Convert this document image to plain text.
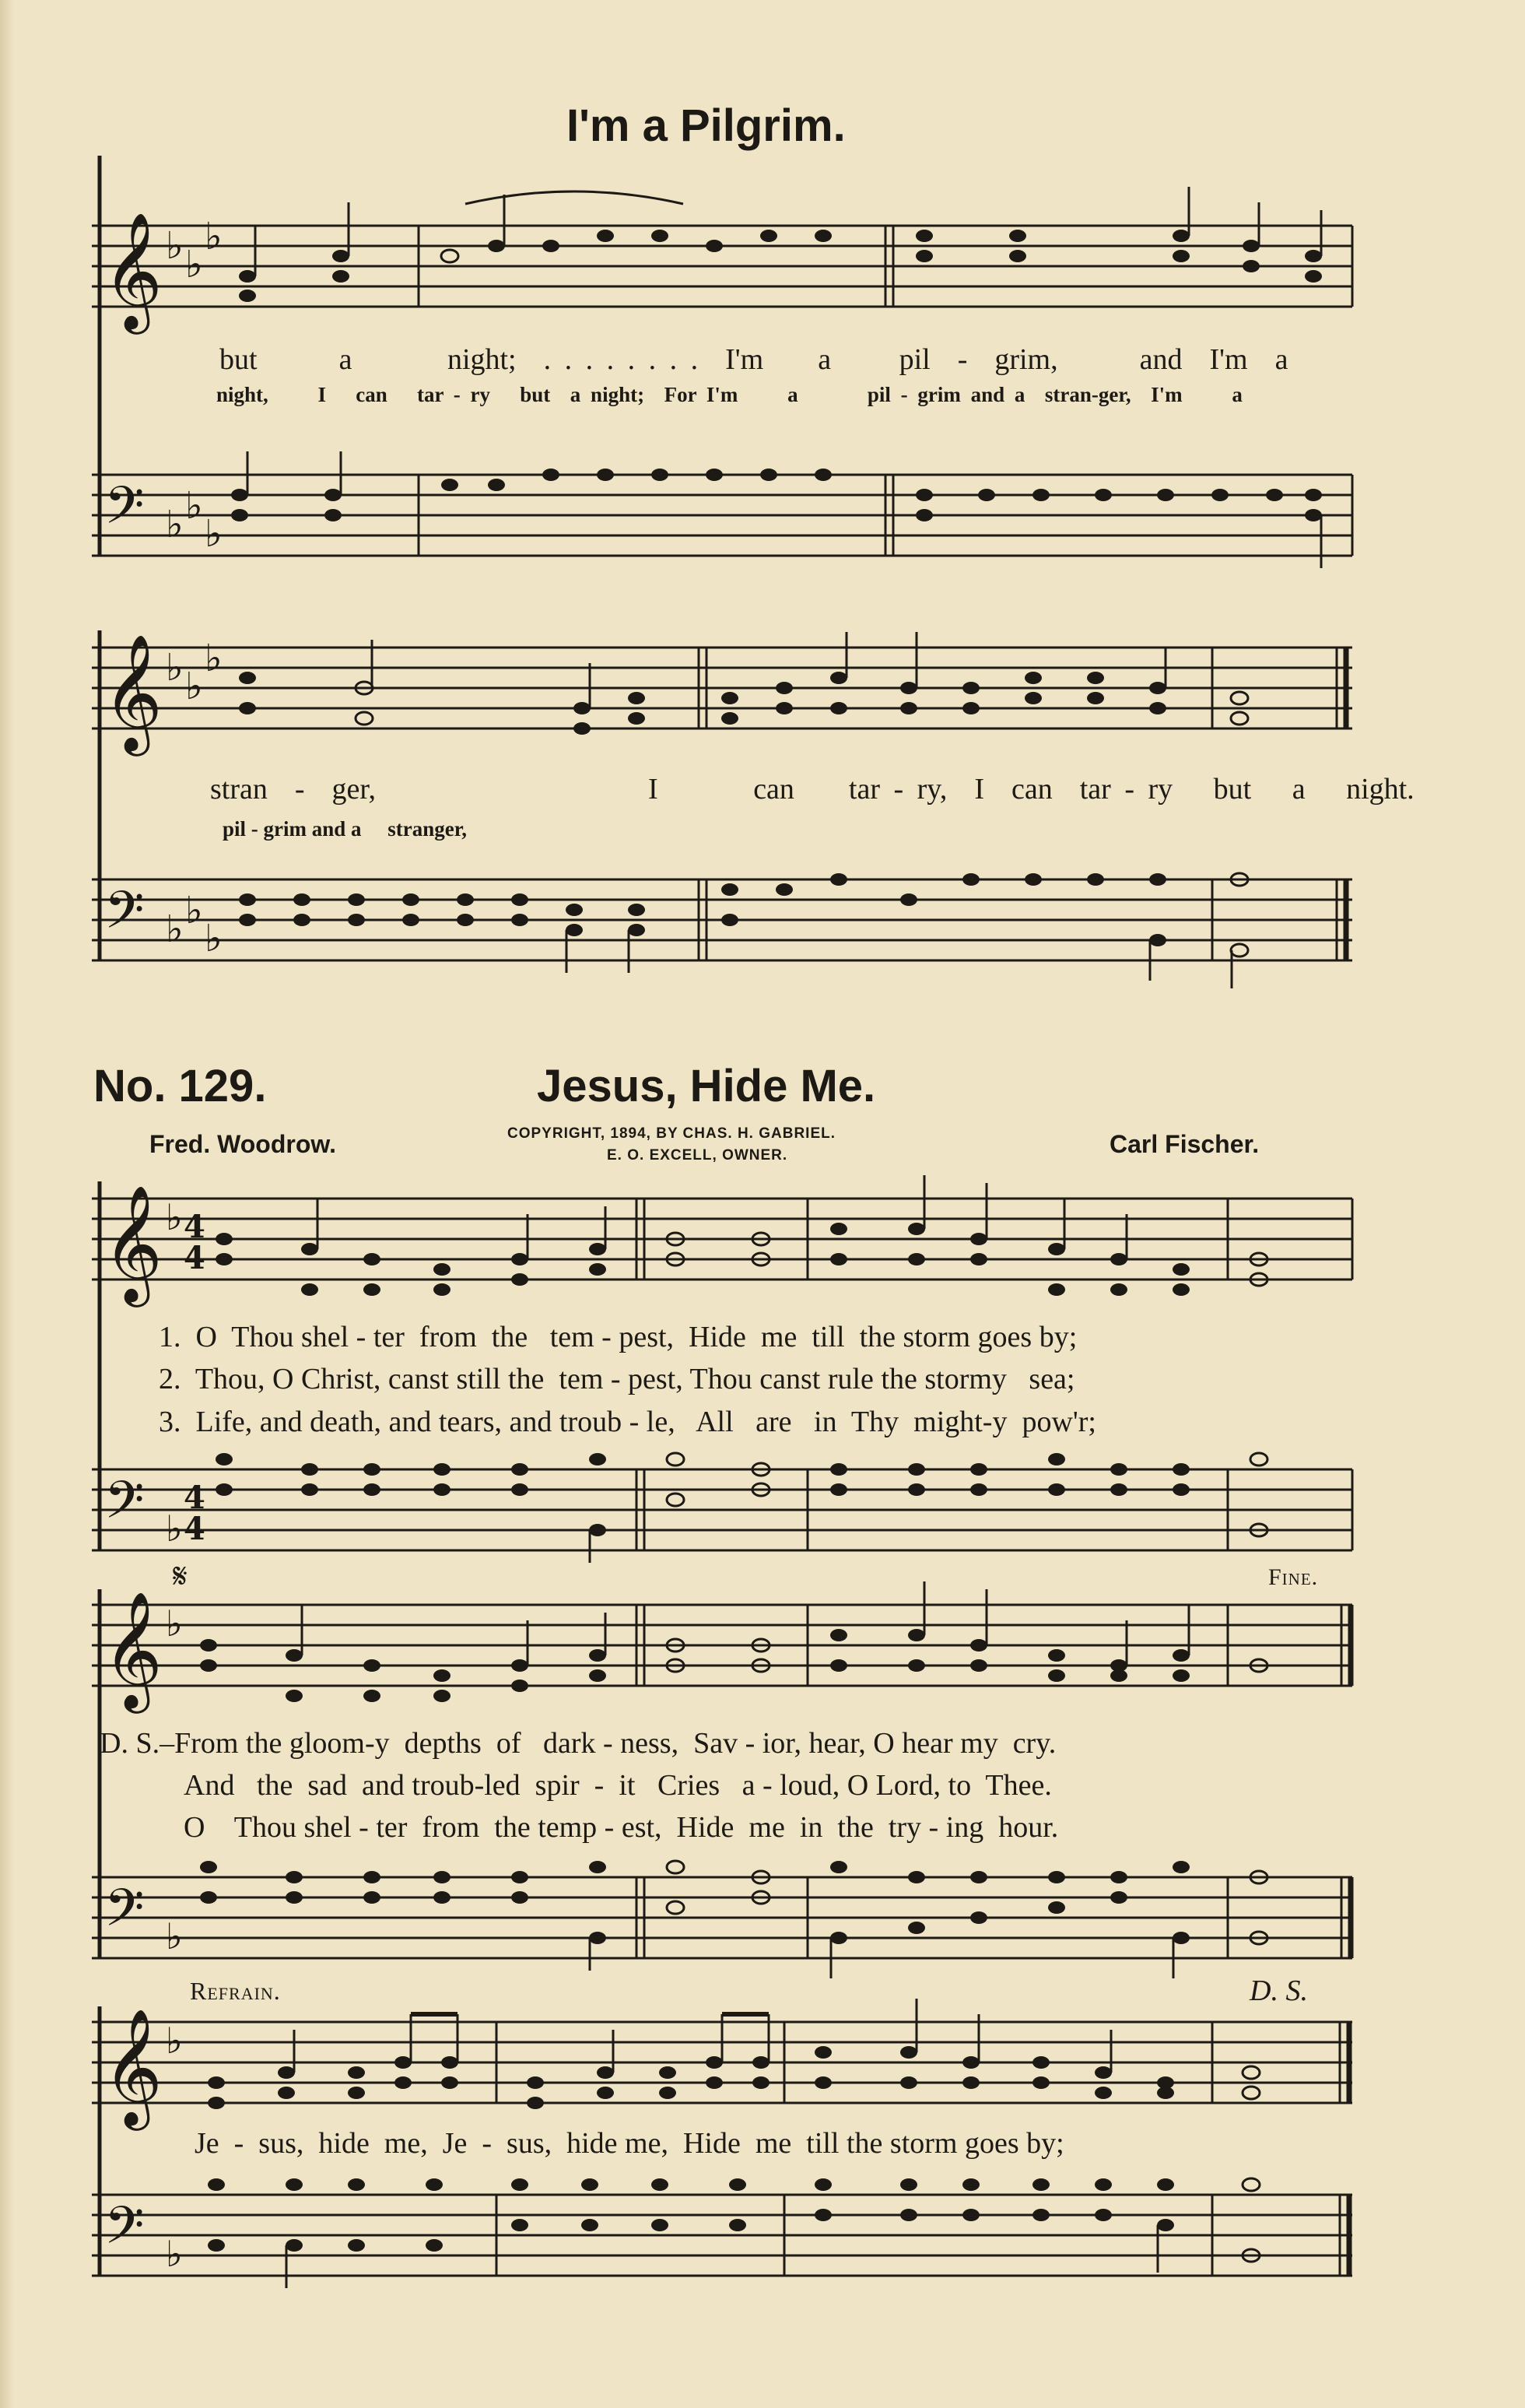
I'm a Pilgrim.
𝄞 ♭ ♭
♭
but	a	night; . . . . . . . . I'm a pil - grim,	and I'm a
night, I can tar - ry but a night; For I'm a	pil - grim and a stran-ger, I'm a
𝄢 ♭ ♭
♭
𝄞 ♭ ♭
♭
stran - ger,	I	can tar - ry, I can tar - ry but a night.
pil - grim and a stranger,
𝄢 ♭ ♭
♭
No. 129.	Jesus, Hide Me.
Fred. Woodrow.	COPYRIGHT, 1894, BY CHAS. H. GABRIEL.
E. O. EXCELL, OWNER.	Carl Fischer.
𝄞 ♭ 4
4
1.  O  Thou shel - ter  from  the   tem - pest,  Hide  me  till  the storm goes by;
2.  Thou, O Christ, canst still the  tem - pest, Thou canst rule the stormy   sea;
3.  Life, and death, and tears, and troub - le,   All   are   in  Thy  might-y  pow'r;
𝄢 ♭
4
4
𝄋	Fine.
𝄞 ♭
D. S.–From the gloom-y  depths  of   dark - ness,  Sav - ior, hear, O hear my  cry.
And   the  sad  and troub-led  spir  -  it   Cries   a - loud, O Lord, to  Thee.
O    Thou shel - ter  from  the temp - est,  Hide  me  in  the  try - ing  hour.
𝄢 ♭
Refrain.	D. S.
𝄞 ♭
Je  -  sus,  hide  me,  Je  -  sus,  hide me,  Hide  me  till the storm goes by;
𝄢 ♭
